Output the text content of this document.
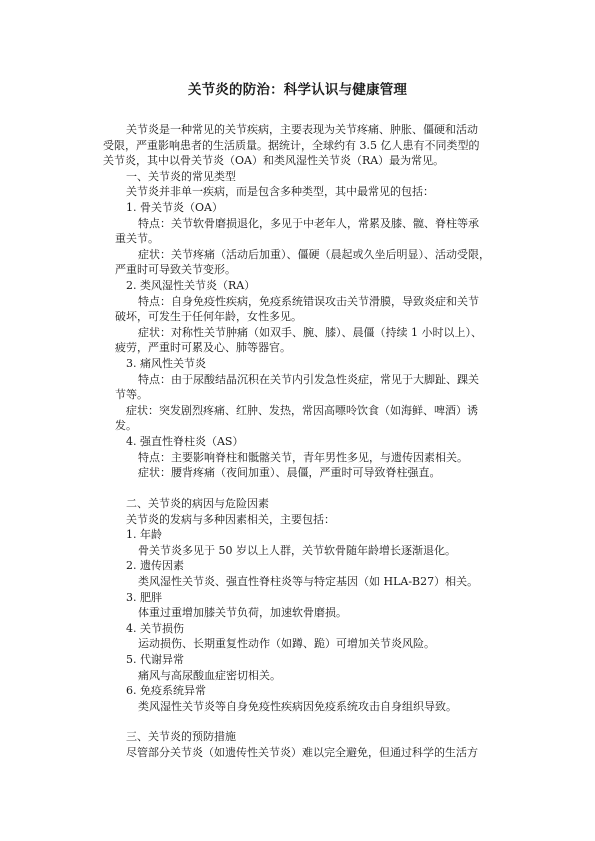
关节炎的防治：科学认识与健康管理
关节炎是一种常见的关节疾病，主要表现为关节疼痛、肿胀、僵硬和活动
受限，严重影响患者的生活质量。据统计，全球约有 3.5 亿人患有不同类型的
关节炎，其中以骨关节炎（OA）和类风湿性关节炎（RA）最为常见。
一、关节炎的常见类型
关节炎并非单一疾病，而是包含多种类型，其中最常见的包括：
1. 骨关节炎（OA）
特点：关节软骨磨损退化，多见于中老年人，常累及膝、髋、脊柱等承
重关节。
症状：关节疼痛（活动后加重）、僵硬（晨起或久坐后明显）、活动受限，
严重时可导致关节变形。
2. 类风湿性关节炎（RA）
特点：自身免疫性疾病，免疫系统错误攻击关节滑膜，导致炎症和关节
破坏，可发生于任何年龄，女性多见。
症状：对称性关节肿痛（如双手、腕、膝）、晨僵（持续 1 小时以上）、
疲劳，严重时可累及心、肺等器官。
3. 痛风性关节炎
特点：由于尿酸结晶沉积在关节内引发急性炎症，常见于大脚趾、踝关
节等。
症状：突发剧烈疼痛、红肿、发热，常因高嘌呤饮食（如海鲜、啤酒）诱
发。
4. 强直性脊柱炎（AS）
特点：主要影响脊柱和骶髂关节，青年男性多见，与遗传因素相关。
症状：腰背疼痛（夜间加重）、晨僵，严重时可导致脊柱强直。
二、关节炎的病因与危险因素
关节炎的发病与多种因素相关，主要包括：
1. 年龄
骨关节炎多见于 50 岁以上人群，关节软骨随年龄增长逐渐退化。
2. 遗传因素
类风湿性关节炎、强直性脊柱炎等与特定基因（如 HLA-B27）相关。
3. 肥胖
体重过重增加膝关节负荷，加速软骨磨损。
4. 关节损伤
运动损伤、长期重复性动作（如蹲、跪）可增加关节炎风险。
5. 代谢异常
痛风与高尿酸血症密切相关。
6. 免疫系统异常
类风湿性关节炎等自身免疫性疾病因免疫系统攻击自身组织导致。
三、关节炎的预防措施
尽管部分关节炎（如遗传性关节炎）难以完全避免，但通过科学的生活方
